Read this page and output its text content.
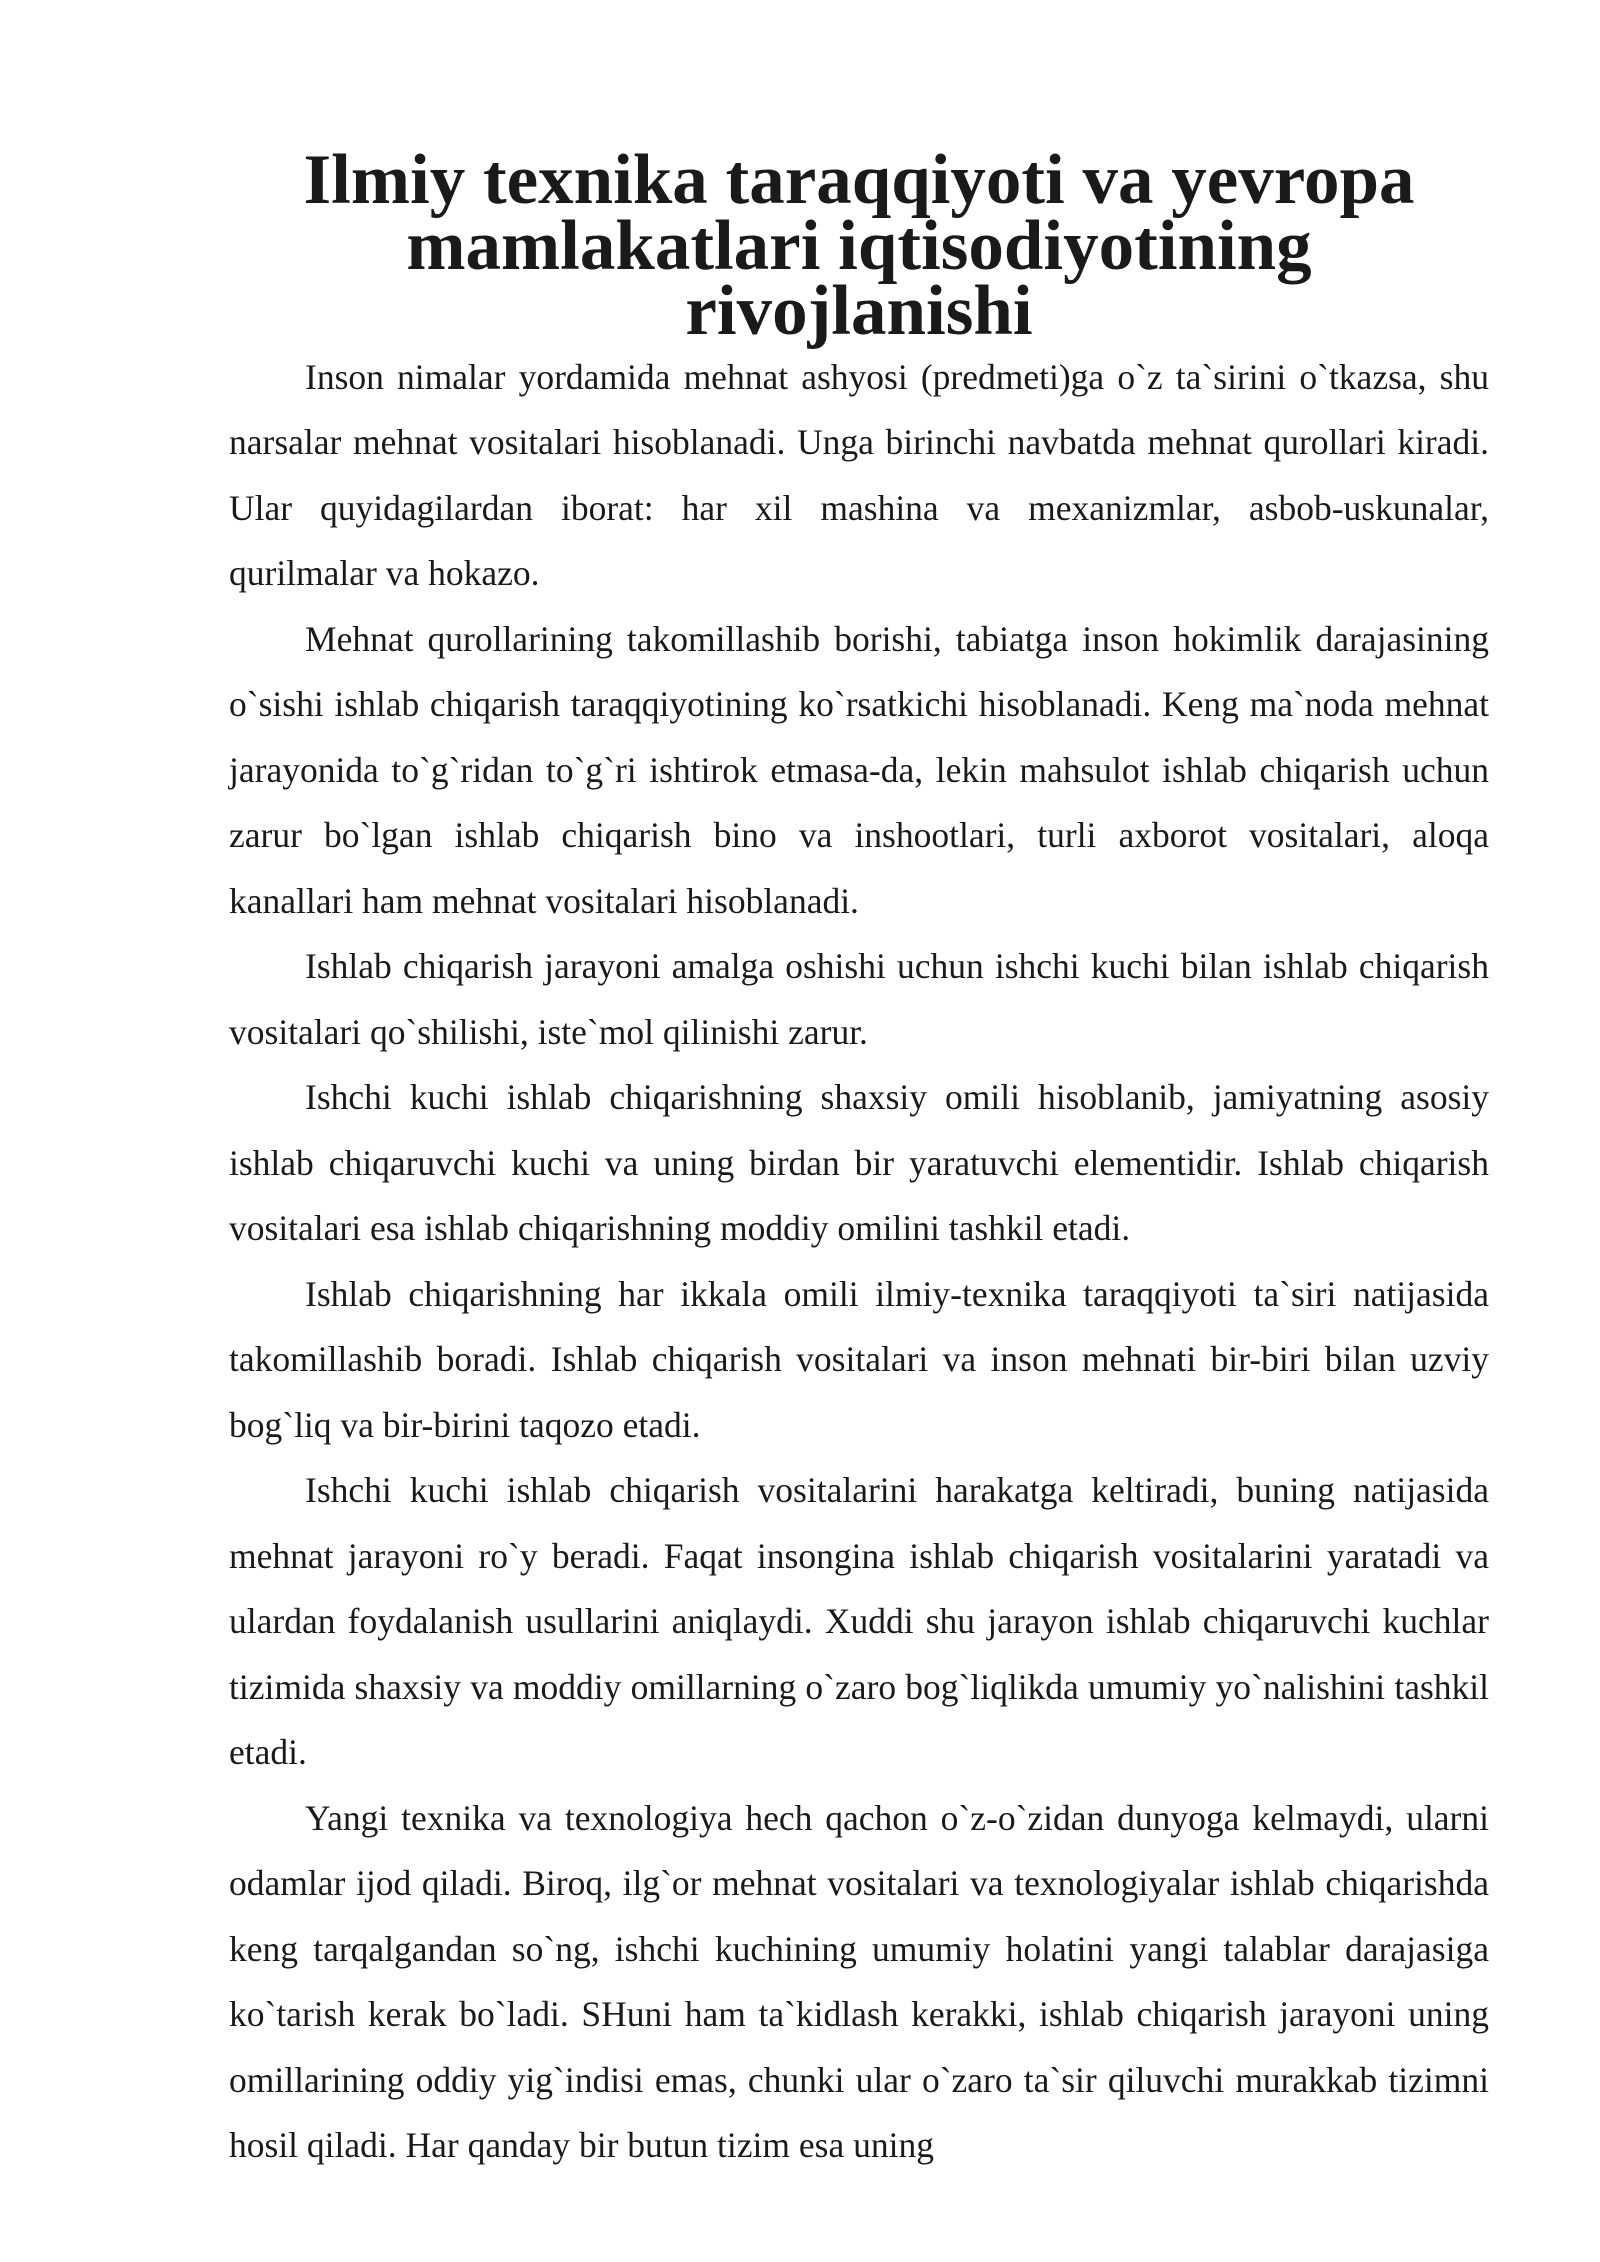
Ilmiy texnika taraqqiyoti va yevropa mamlakatlari iqtisodiyotining rivojlanishi

Inson nimalar yordamida mehnat ashyosi (predmeti)ga o`z ta`sirini o`tkazsa, shu narsalar mehnat vositalari hisoblanadi. Unga birinchi navbatda mehnat qurollari kiradi. Ular quyidagilardan iborat: har xil mashina va mexanizmlar, asbob-uskunalar, qurilmalar va hokazo.

Mehnat qurollarining takomillashib borishi, tabiatga inson hokimlik darajasining o`sishi ishlab chiqarish taraqqiyotining ko`rsatkichi hisoblanadi. Keng ma`noda mehnat jarayonida to`g`ridan to`g`ri ishtirok etmasa-da, lekin mahsulot ishlab chiqarish uchun zarur bo`lgan ishlab chiqarish bino va inshootlari, turli axborot vositalari, aloqa kanallari ham mehnat vositalari hisoblanadi.

Ishlab chiqarish jarayoni amalga oshishi uchun ishchi kuchi bilan ishlab chiqarish vositalari qo`shilishi, iste`mol qilinishi zarur.

Ishchi kuchi ishlab chiqarishning shaxsiy omili hisoblanib, jamiyatning asosiy ishlab chiqaruvchi kuchi va uning birdan bir yaratuvchi elementidir. Ishlab chiqarish vositalari esa ishlab chiqarishning moddiy omilini tashkil etadi.

Ishlab chiqarishning har ikkala omili ilmiy-texnika taraqqiyoti ta`siri natijasida takomillashib boradi. Ishlab chiqarish vositalari va inson mehnati bir-biri bilan uzviy bog`liq va bir-birini taqozo etadi.

Ishchi kuchi ishlab chiqarish vositalarini harakatga keltiradi, buning natijasida mehnat jarayoni ro`y beradi. Faqat insongina ishlab chiqarish vositalarini yaratadi va ulardan foydalanish usullarini aniqlaydi. Xuddi shu jarayon ishlab chiqaruvchi kuchlar tizimida shaxsiy va moddiy omillarning o`zaro bog`liqlikda umumiy yo`nalishini tashkil etadi.

Yangi texnika va texnologiya hech qachon o`z-o`zidan dunyoga kelmaydi, ularni odamlar ijod qiladi. Biroq, ilg`or mehnat vositalari va texnologiyalar ishlab chiqarishda keng tarqalgandan so`ng, ishchi kuchining umumiy holatini yangi talablar darajasiga ko`tarish kerak bo`ladi. SHuni ham ta`kidlash kerakki, ishlab chiqarish jarayoni uning omillarining oddiy yig`indisi emas, chunki ular o`zaro ta`sir qiluvchi murakkab tizimni hosil qiladi. Har qanday bir butun tizim esa uning
